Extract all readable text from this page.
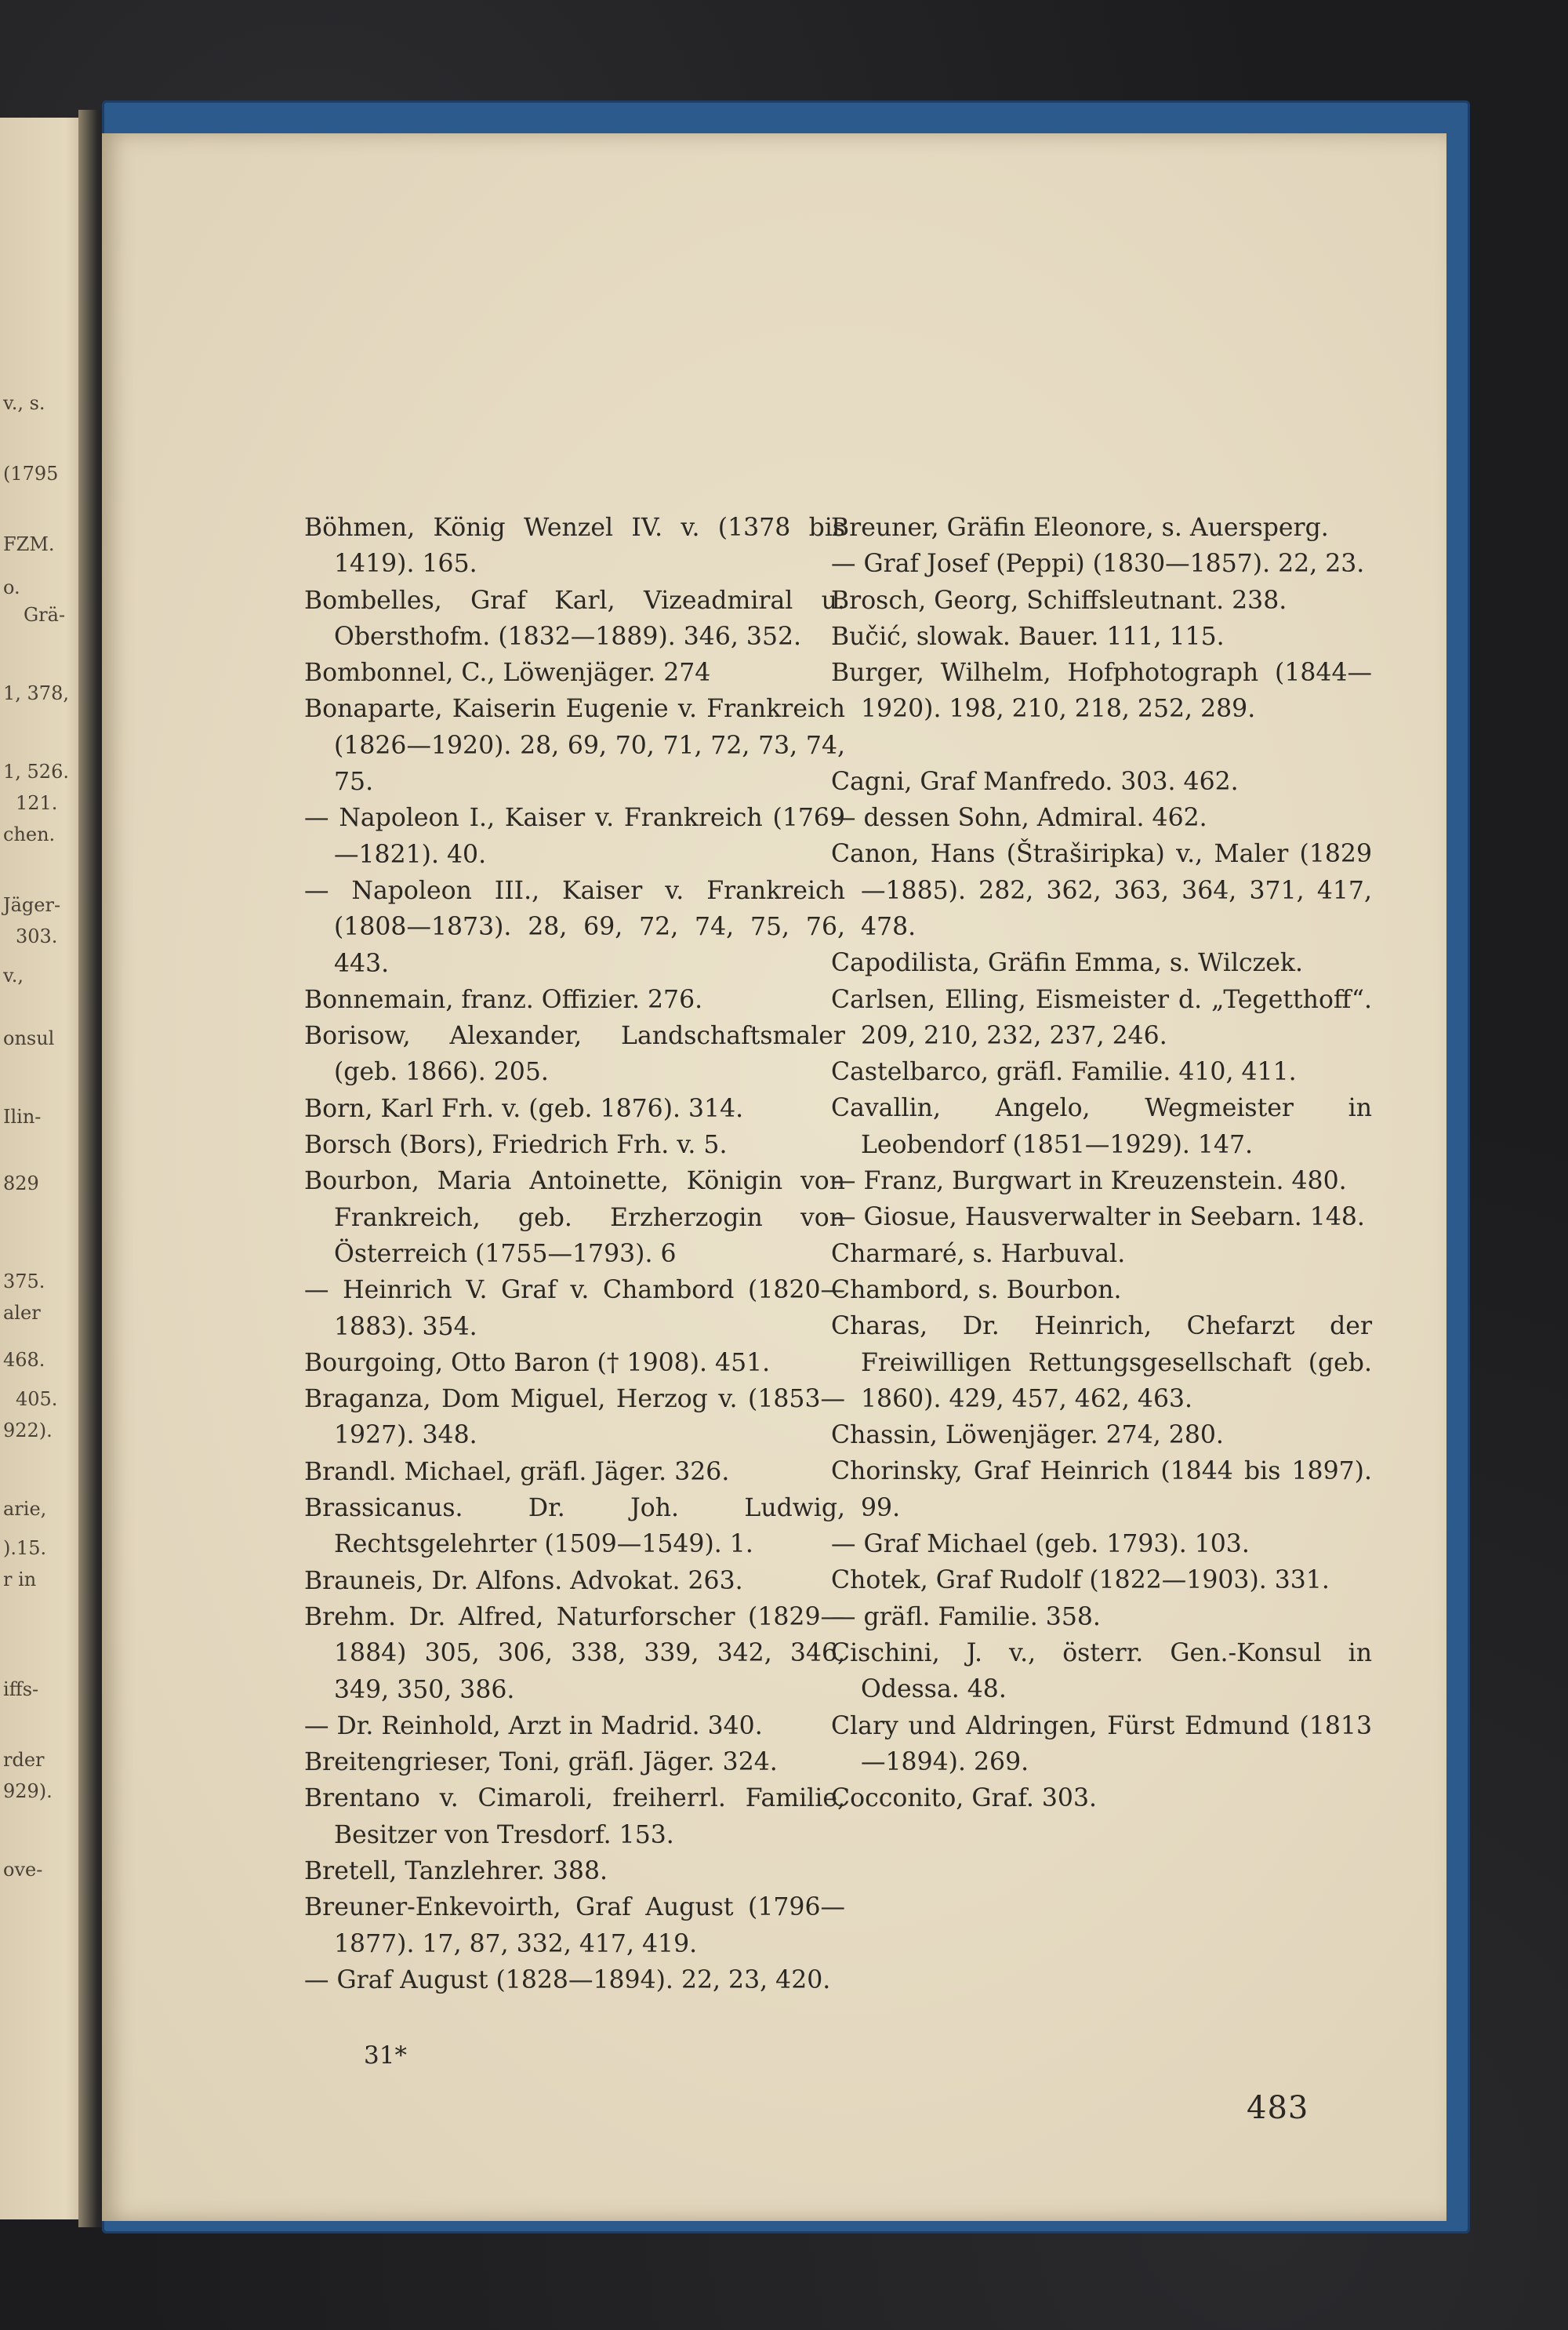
v., s.
(1795
FZM.
o.
Grä-
1, 378,
1, 526.
121.
chen.
Jäger-
303.
v.,
onsul
Ilin-
829
375.
aler
468.
405.
922).
arie,
).15.
r in
iffs-
rder
929).
ove-
Böhmen, König Wenzel IV. v. (1378 bis 1419). 165.
Bombelles, Graf Karl, Vizeadmiral u. Obersthofm. (1832—1889). 346, 352.
Bombonnel, C., Löwenjäger. 274
Bonaparte, Kaiserin Eugenie v. Frankreich (1826—1920). 28, 69, 70, 71, 72, 73, 74, 75.
— Napoleon I., Kaiser v. Frankreich (1769—1821). 40.
— Napoleon III., Kaiser v. Frankreich (1808—1873). 28, 69, 72, 74, 75, 76, 443.
Bonnemain, franz. Offizier. 276.
Borisow, Alexander, Landschaftsmaler (geb. 1866). 205.
Born, Karl Frh. v. (geb. 1876). 314.
Borsch (Bors), Friedrich Frh. v. 5.
Bourbon, Maria Antoinette, Königin von Frankreich, geb. Erzherzogin von Österreich (1755—1793). 6
— Heinrich V. Graf v. Chambord (1820—1883). 354.
Bourgoing, Otto Baron († 1908). 451.
Braganza, Dom Miguel, Herzog v. (1853—1927). 348.
Brandl. Michael, gräfl. Jäger. 326.
Brassicanus. Dr. Joh. Ludwig, Rechtsgelehrter (1509—1549). 1.
Brauneis, Dr. Alfons. Advokat. 263.
Brehm. Dr. Alfred, Naturforscher (1829—1884) 305, 306, 338, 339, 342, 346, 349, 350, 386.
— Dr. Reinhold, Arzt in Madrid. 340.
Breitengrieser, Toni, gräfl. Jäger. 324.
Brentano v. Cimaroli, freiherrl. Familie, Besitzer von Tresdorf. 153.
Bretell, Tanzlehrer. 388.
Breuner-Enkevoirth, Graf August (1796—1877). 17, 87, 332, 417, 419.
— Graf August (1828—1894). 22, 23, 420.
Breuner, Gräfin Eleonore, s. Auersperg.
— Graf Josef (Peppi) (1830—1857). 22, 23.
Brosch, Georg, Schiffsleutnant. 238.
Bučić, slowak. Bauer. 111, 115.
Burger, Wilhelm, Hofphotograph (1844—1920). 198, 210, 218, 252, 289.
Cagni, Graf Manfredo. 303. 462.
— dessen Sohn, Admiral. 462.
Canon, Hans (Štraširipka) v., Maler (1829—1885). 282, 362, 363, 364, 371, 417, 478.
Capodilista, Gräfin Emma, s. Wilczek.
Carlsen, Elling, Eismeister d. „Tegetthoff“. 209, 210, 232, 237, 246.
Castelbarco, gräfl. Familie. 410, 411.
Cavallin, Angelo, Wegmeister in Leobendorf (1851—1929). 147.
— Franz, Burgwart in Kreuzenstein. 480.
— Giosue, Hausverwalter in Seebarn. 148.
Charmaré, s. Harbuval.
Chambord, s. Bourbon.
Charas, Dr. Heinrich, Chefarzt der Freiwilligen Rettungsgesellschaft (geb. 1860). 429, 457, 462, 463.
Chassin, Löwenjäger. 274, 280.
Chorinsky, Graf Heinrich (1844 bis 1897). 99.
— Graf Michael (geb. 1793). 103.
Chotek, Graf Rudolf (1822—1903). 331.
— gräfl. Familie. 358.
Cischini, J. v., österr. Gen.-Konsul in Odessa. 48.
Clary und Aldringen, Fürst Edmund (1813—1894). 269.
Cocconito, Graf. 303.
31*
483
